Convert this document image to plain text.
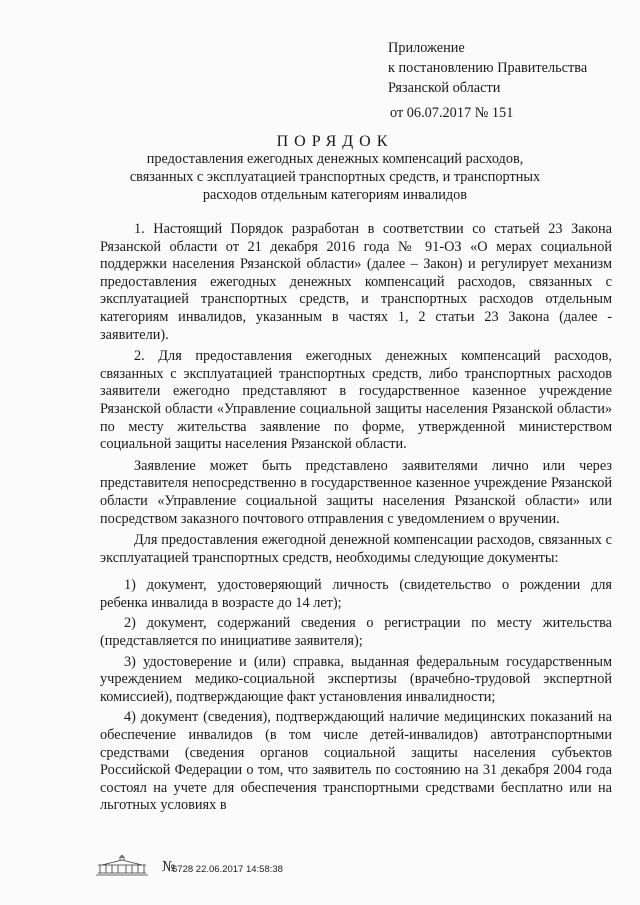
Приложение
к постановлению Правительства
Рязанской области
от 06.07.2017 № 151
ПОРЯДОК
предоставления ежегодных денежных компенсаций расходов,
связанных с эксплуатацией транспортных средств, и транспортных
расходов отдельным категориям инвалидов

1. Настоящий Порядок разработан в соответствии со статьей 23 Закона Рязанской области от 21 декабря 2016 года № 91-ОЗ «О мерах социальной поддержки населения Рязанской области» (далее – Закон) и регулирует механизм предоставления ежегодных денежных компенсаций расходов, связанных с эксплуатацией транспортных средств, и транспортных расходов отдельным категориям инвалидов, указанным в частях 1, 2 статьи 23 Закона (далее - заявители).

2. Для предоставления ежегодных денежных компенсаций расходов, связанных с эксплуатацией транспортных средств, либо транспортных расходов заявители ежегодно представляют в государственное казенное учреждение Рязанской области «Управление социальной защиты населения Рязанской области» по месту жительства заявление по форме, утвержденной министерством социальной защиты населения Рязанской области.

Заявление может быть представлено заявителями лично или через представителя непосредственно в государственное казенное учреждение Рязанской области «Управление социальной защиты населения Рязанской области» или посредством заказного почтового отправления с уведомлением о вручении.

Для предоставления ежегодной денежной компенсации расходов, связанных с эксплуатацией транспортных средств, необходимы следующие документы:

1) документ, удостоверяющий личность (свидетельство о рождении для ребенка инвалида в возрасте до 14 лет);

2) документ, содержаний сведения о регистрации по месту жительства (представляется по инициативе заявителя);

3) удостоверение и (или) справка, выданная федеральным государственным учреждением медико-социальной экспертизы (врачебно-трудовой экспертной комиссией), подтверждающие факт установления инвалидности;

4) документ (сведения), подтверждающий наличие медицинских показаний на обеспечение инвалидов (в том числе детей-инвалидов) автотранспортными средствами (сведения органов социальной защиты населения субъектов Российской Федерации о том, что заявитель по состоянию на 31 декабря 2004 года состоял на учете для обеспечения транспортными средствами бесплатно или на льготных условиях в

№
6728 22.06.2017 14:58:38
